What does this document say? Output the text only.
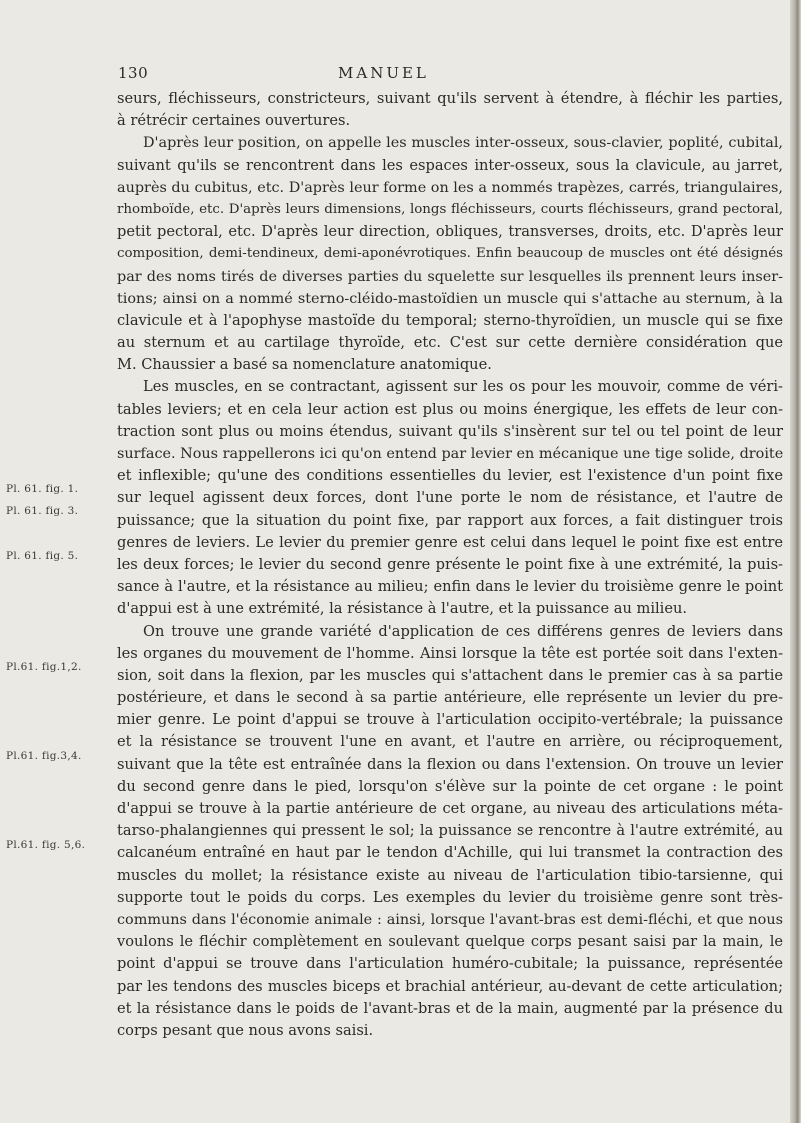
130	MANUEL
Pl. 61. fig. 1.
Pl. 61. fig. 3.
Pl. 61. fig. 5.
Pl.61. fig.1,2.
Pl.61. fig.3,4.
Pl.61. fig. 5,6.
seurs, fléchisseurs, constricteurs, suivant qu'ils servent à étendre, à fléchir les parties,
à rétrécir certaines ouvertures.
D'après leur position, on appelle les muscles inter-osseux, sous-clavier, poplité, cubital,
suivant qu'ils se rencontrent dans les espaces inter-osseux, sous la clavicule, au jarret,
auprès du cubitus, etc. D'après leur forme on les a nommés trapèzes, carrés, triangulaires,
rhomboïde, etc. D'après leurs dimensions, longs fléchisseurs, courts fléchisseurs, grand pectoral,
petit pectoral, etc. D'après leur direction, obliques, transverses, droits, etc. D'après leur
composition, demi-tendineux, demi-aponévrotiques. Enfin beaucoup de muscles ont été désignés
par des noms tirés de diverses parties du squelette sur lesquelles ils prennent leurs inser-
tions; ainsi on a nommé sterno-cléido-mastoïdien un muscle qui s'attache au sternum, à la
clavicule et à l'apophyse mastoïde du temporal; sterno-thyroïdien, un muscle qui se fixe
au sternum et au cartilage thyroïde, etc. C'est sur cette dernière considération que
M. Chaussier a basé sa nomenclature anatomique.
Les muscles, en se contractant, agissent sur les os pour les mouvoir, comme de véri-
tables leviers; et en cela leur action est plus ou moins énergique, les effets de leur con-
traction sont plus ou moins étendus, suivant qu'ils s'insèrent sur tel ou tel point de leur
surface. Nous rappellerons ici qu'on entend par levier en mécanique une tige solide, droite
et inflexible; qu'une des conditions essentielles du levier, est l'existence d'un point fixe
sur lequel agissent deux forces, dont l'une porte le nom de résistance, et l'autre de
puissance; que la situation du point fixe, par rapport aux forces, a fait distinguer trois
genres de leviers. Le levier du premier genre est celui dans lequel le point fixe est entre
les deux forces; le levier du second genre présente le point fixe à une extrémité, la puis-
sance à l'autre, et la résistance au milieu; enfin dans le levier du troisième genre le point
d'appui est à une extrémité, la résistance à l'autre, et la puissance au milieu.
On trouve une grande variété d'application de ces différens genres de leviers dans
les organes du mouvement de l'homme. Ainsi lorsque la tête est portée soit dans l'exten-
sion, soit dans la flexion, par les muscles qui s'attachent dans le premier cas à sa partie
postérieure, et dans le second à sa partie antérieure, elle représente un levier du pre-
mier genre. Le point d'appui se trouve à l'articulation occipito-vertébrale; la puissance
et la résistance se trouvent l'une en avant, et l'autre en arrière, ou réciproquement,
suivant que la tête est entraînée dans la flexion ou dans l'extension. On trouve un levier
du second genre dans le pied, lorsqu'on s'élève sur la pointe de cet organe : le point
d'appui se trouve à la partie antérieure de cet organe, au niveau des articulations méta-
tarso-phalangiennes qui pressent le sol; la puissance se rencontre à l'autre extrémité, au
calcanéum entraîné en haut par le tendon d'Achille, qui lui transmet la contraction des
muscles du mollet; la résistance existe au niveau de l'articulation tibio-tarsienne, qui
supporte tout le poids du corps. Les exemples du levier du troisième genre sont très-
communs dans l'économie animale : ainsi, lorsque l'avant-bras est demi-fléchi, et que nous
voulons le fléchir complètement en soulevant quelque corps pesant saisi par la main, le
point d'appui se trouve dans l'articulation huméro-cubitale; la puissance, représentée
par les tendons des muscles biceps et brachial antérieur, au-devant de cette articulation;
et la résistance dans le poids de l'avant-bras et de la main, augmenté par la présence du
corps pesant que nous avons saisi.
